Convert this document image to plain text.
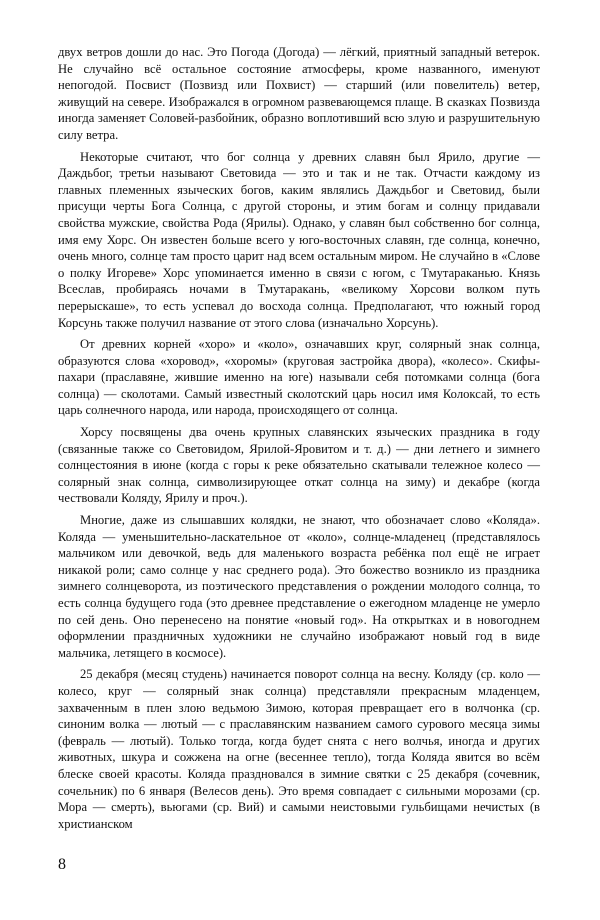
двух ветров дошли до нас. Это Погода (Догода) — лёгкий, приятный западный ветерок. Не случайно всё остальное состояние атмосферы, кроме названного, именуют непогодой. Посвист (Позвизд или Похвист) — старший (или повелитель) ветер, живущий на севере. Изображался в огромном развевающемся плаще. В сказках Позвизда иногда заменяет Соловей-разбойник, образно воплотивший всю злую и разрушительную силу ветра.

Некоторые считают, что бог солнца у древних славян был Ярило, другие — Даждьбог, третьи называют Световида — это и так и не так. Отчасти каждому из главных племенных языческих богов, каким являлись Даждьбог и Световид, были присущи черты Бога Солнца, с другой стороны, и этим богам и солнцу придавали свойства мужские, свойства Рода (Ярилы). Однако, у славян был собственно бог солнца, имя ему Хорс. Он известен больше всего у юго-восточных славян, где солнца, конечно, очень много, солнце там просто царит над всем остальным миром. Не случайно в «Слове о полку Игореве» Хорс упоминается именно в связи с югом, с Тмутараканью. Князь Всеслав, пробираясь ночами в Тмутаракань, «великому Хорсови волком путь перерыскаше», то есть успевал до восхода солнца. Предполагают, что южный город Корсунь также получил название от этого слова (изначально Хорсунь).

От древних корней «хоро» и «коло», означавших круг, солярный знак солнца, образуются слова «хоровод», «хоромы» (круговая застройка двора), «колесо». Скифы-пахари (праславяне, жившие именно на юге) называли себя потомками солнца (бога солнца) — сколотами. Самый известный сколотский царь носил имя Колоксай, то есть царь солнечного народа, или народа, происходящего от солнца.

Хорсу посвящены два очень крупных славянских языческих праздника в году (связанные также со Световидом, Ярилой-Яровитом и т. д.) — дни летнего и зимнего солнцестояния в июне (когда с горы к реке обязательно скатывали тележное колесо — солярный знак солнца, символизирующее откат солнца на зиму) и декабре (когда чествовали Коляду, Ярилу и проч.).

Многие, даже из слышавших колядки, не знают, что обозначает слово «Коляда». Коляда — уменьшительно-ласкательное от «коло», солнце-младенец (представлялось мальчиком или девочкой, ведь для маленького возраста ребёнка пол ещё не играет никакой роли; само солнце у нас среднего рода). Это божество возникло из праздника зимнего солнцеворота, из поэтического представления о рождении молодого солнца, то есть солнца будущего года (это древнее представление о ежегодном младенце не умерло по сей день. Оно перенесено на понятие «новый год». На открытках и в новогоднем оформлении праздничных художники не случайно изображают новый год в виде мальчика, летящего в космосе).

25 декабря (месяц студень) начинается поворот солнца на весну. Коляду (ср. коло — колесо, круг — солярный знак солнца) представляли прекрасным младенцем, захваченным в плен злою ведьмою Зимою, которая превращает его в волчонка (ср. синоним волка — лютый — с праславянским названием самого сурового месяца зимы (февраль — лютый). Только тогда, когда будет снята с него волчья, иногда и других животных, шкура и сожжена на огне (весеннее тепло), тогда Коляда явится во всём блеске своей красоты. Коляда праздновался в зимние святки с 25 декабря (сочевник, сочельник) по 6 января (Велесов день). Это время совпадает с сильными морозами (ср. Мора — смерть), вьюгами (ср. Вий) и самыми неистовыми гульбищами нечистых (в христианском

8
